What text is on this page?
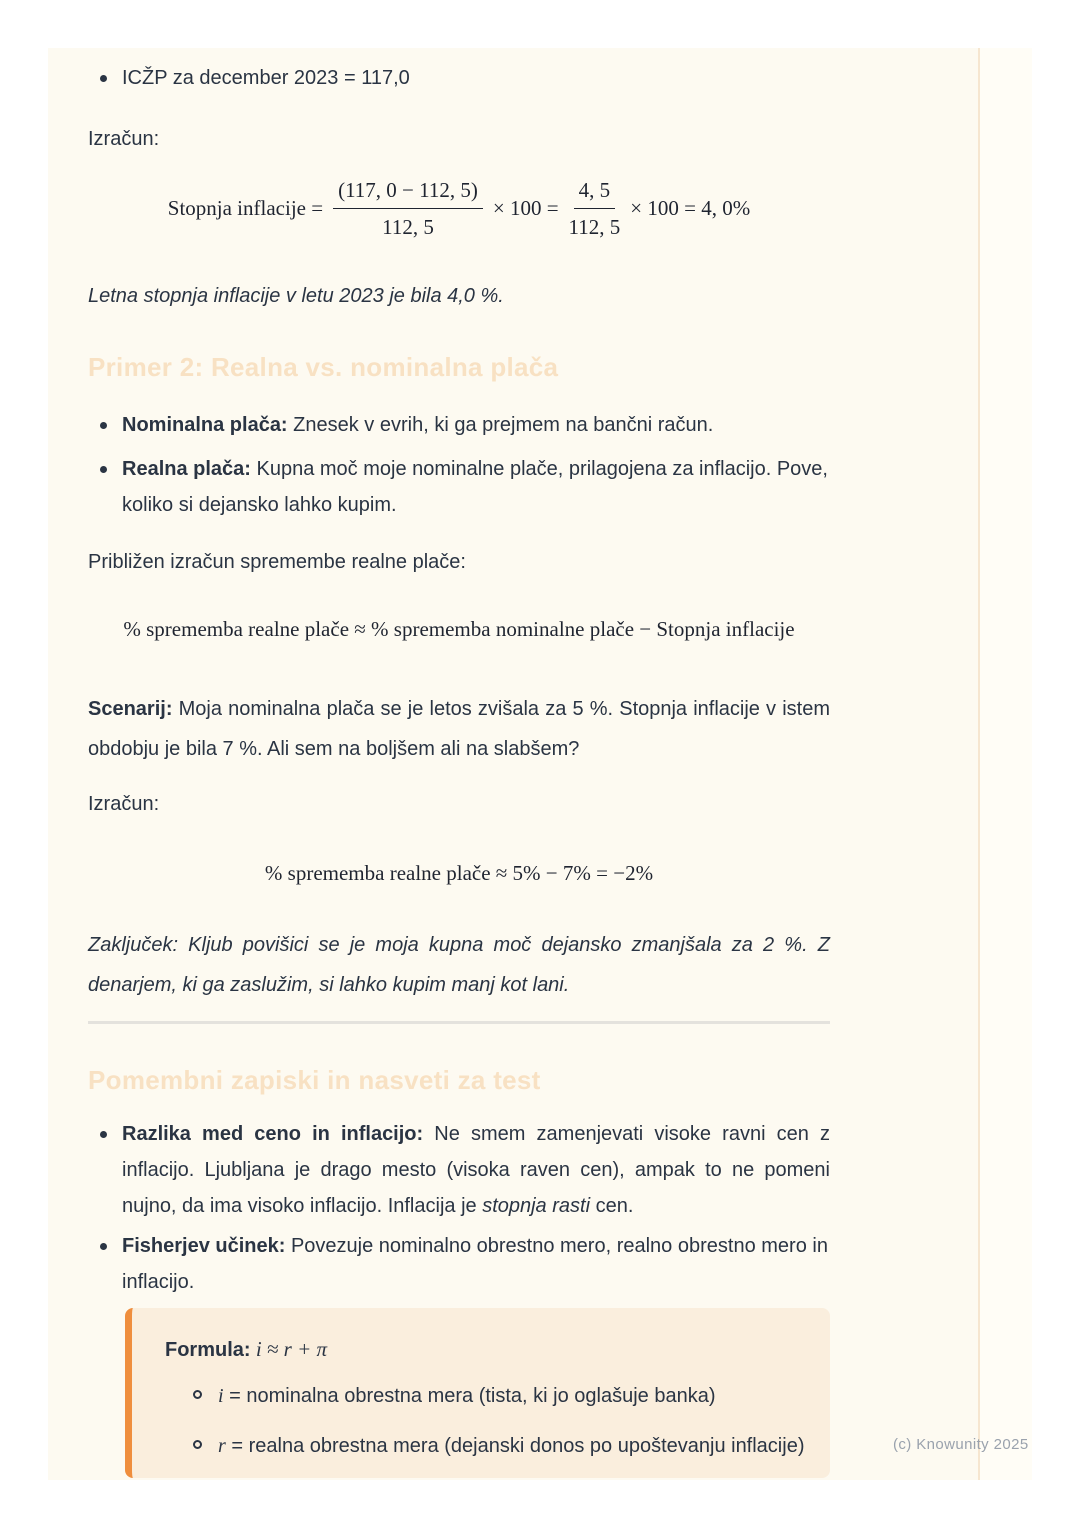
ICŽP za december 2023 = 117,0

Izračun:

Stopnja inflacije = $\frac{(117, 0 - 112, 5)}{112, 5} \times 100 = \frac{4, 5}{112, 5} \times 100 = 4$, 0%

Letna stopnja inflacije v letu 2023 je bila 4,0 %.

Primer 2: Realna vs. nominalna plača

Nominalna plača: Znesek v evrih, ki ga prejmem na bančni račun.

Realna plača: Kupna moč moje nominalne plače, prilagojena za inflacijo. Pove, koliko si dejansko lahko kupim.

Približen izračun spremembe realne plače:

% sprememba realne plače ≈ % sprememba nominalne plače − Stopnja inflacije

Scenarij: Moja nominalna plača se je letos zvišala za 5 %. Stopnja inflacije v istem obdobju je bila 7 %. Ali sem na boljšem ali na slabšem?

Izračun:

% sprememba realne plače ≈ 5% − 7% = −2%

Zaključek: Kljub povišici se je moja kupna moč dejansko zmanjšala za 2 %. Z denarjem, ki ga zaslužim, si lahko kupim manj kot lani.

Pomembni zapiski in nasveti za test

Razlika med ceno in inflacijo: Ne smem zamenjevati visoke ravni cen z inflacijo. Ljubljana je drago mesto (visoka raven cen), ampak to ne pomeni nujno, da ima visoko inflacijo. Inflacija je stopnja rasti cen.

Fisherjev učinek: Povezuje nominalno obrestno mero, realno obrestno mero in inflacijo.

Formula: i ≈ r + π

i = nominalna obrestna mera (tista, ki jo oglašuje banka)

r = realna obrestna mera (dejanski donos po upoštevanju inflacije)	(c) Knowunity 2025
